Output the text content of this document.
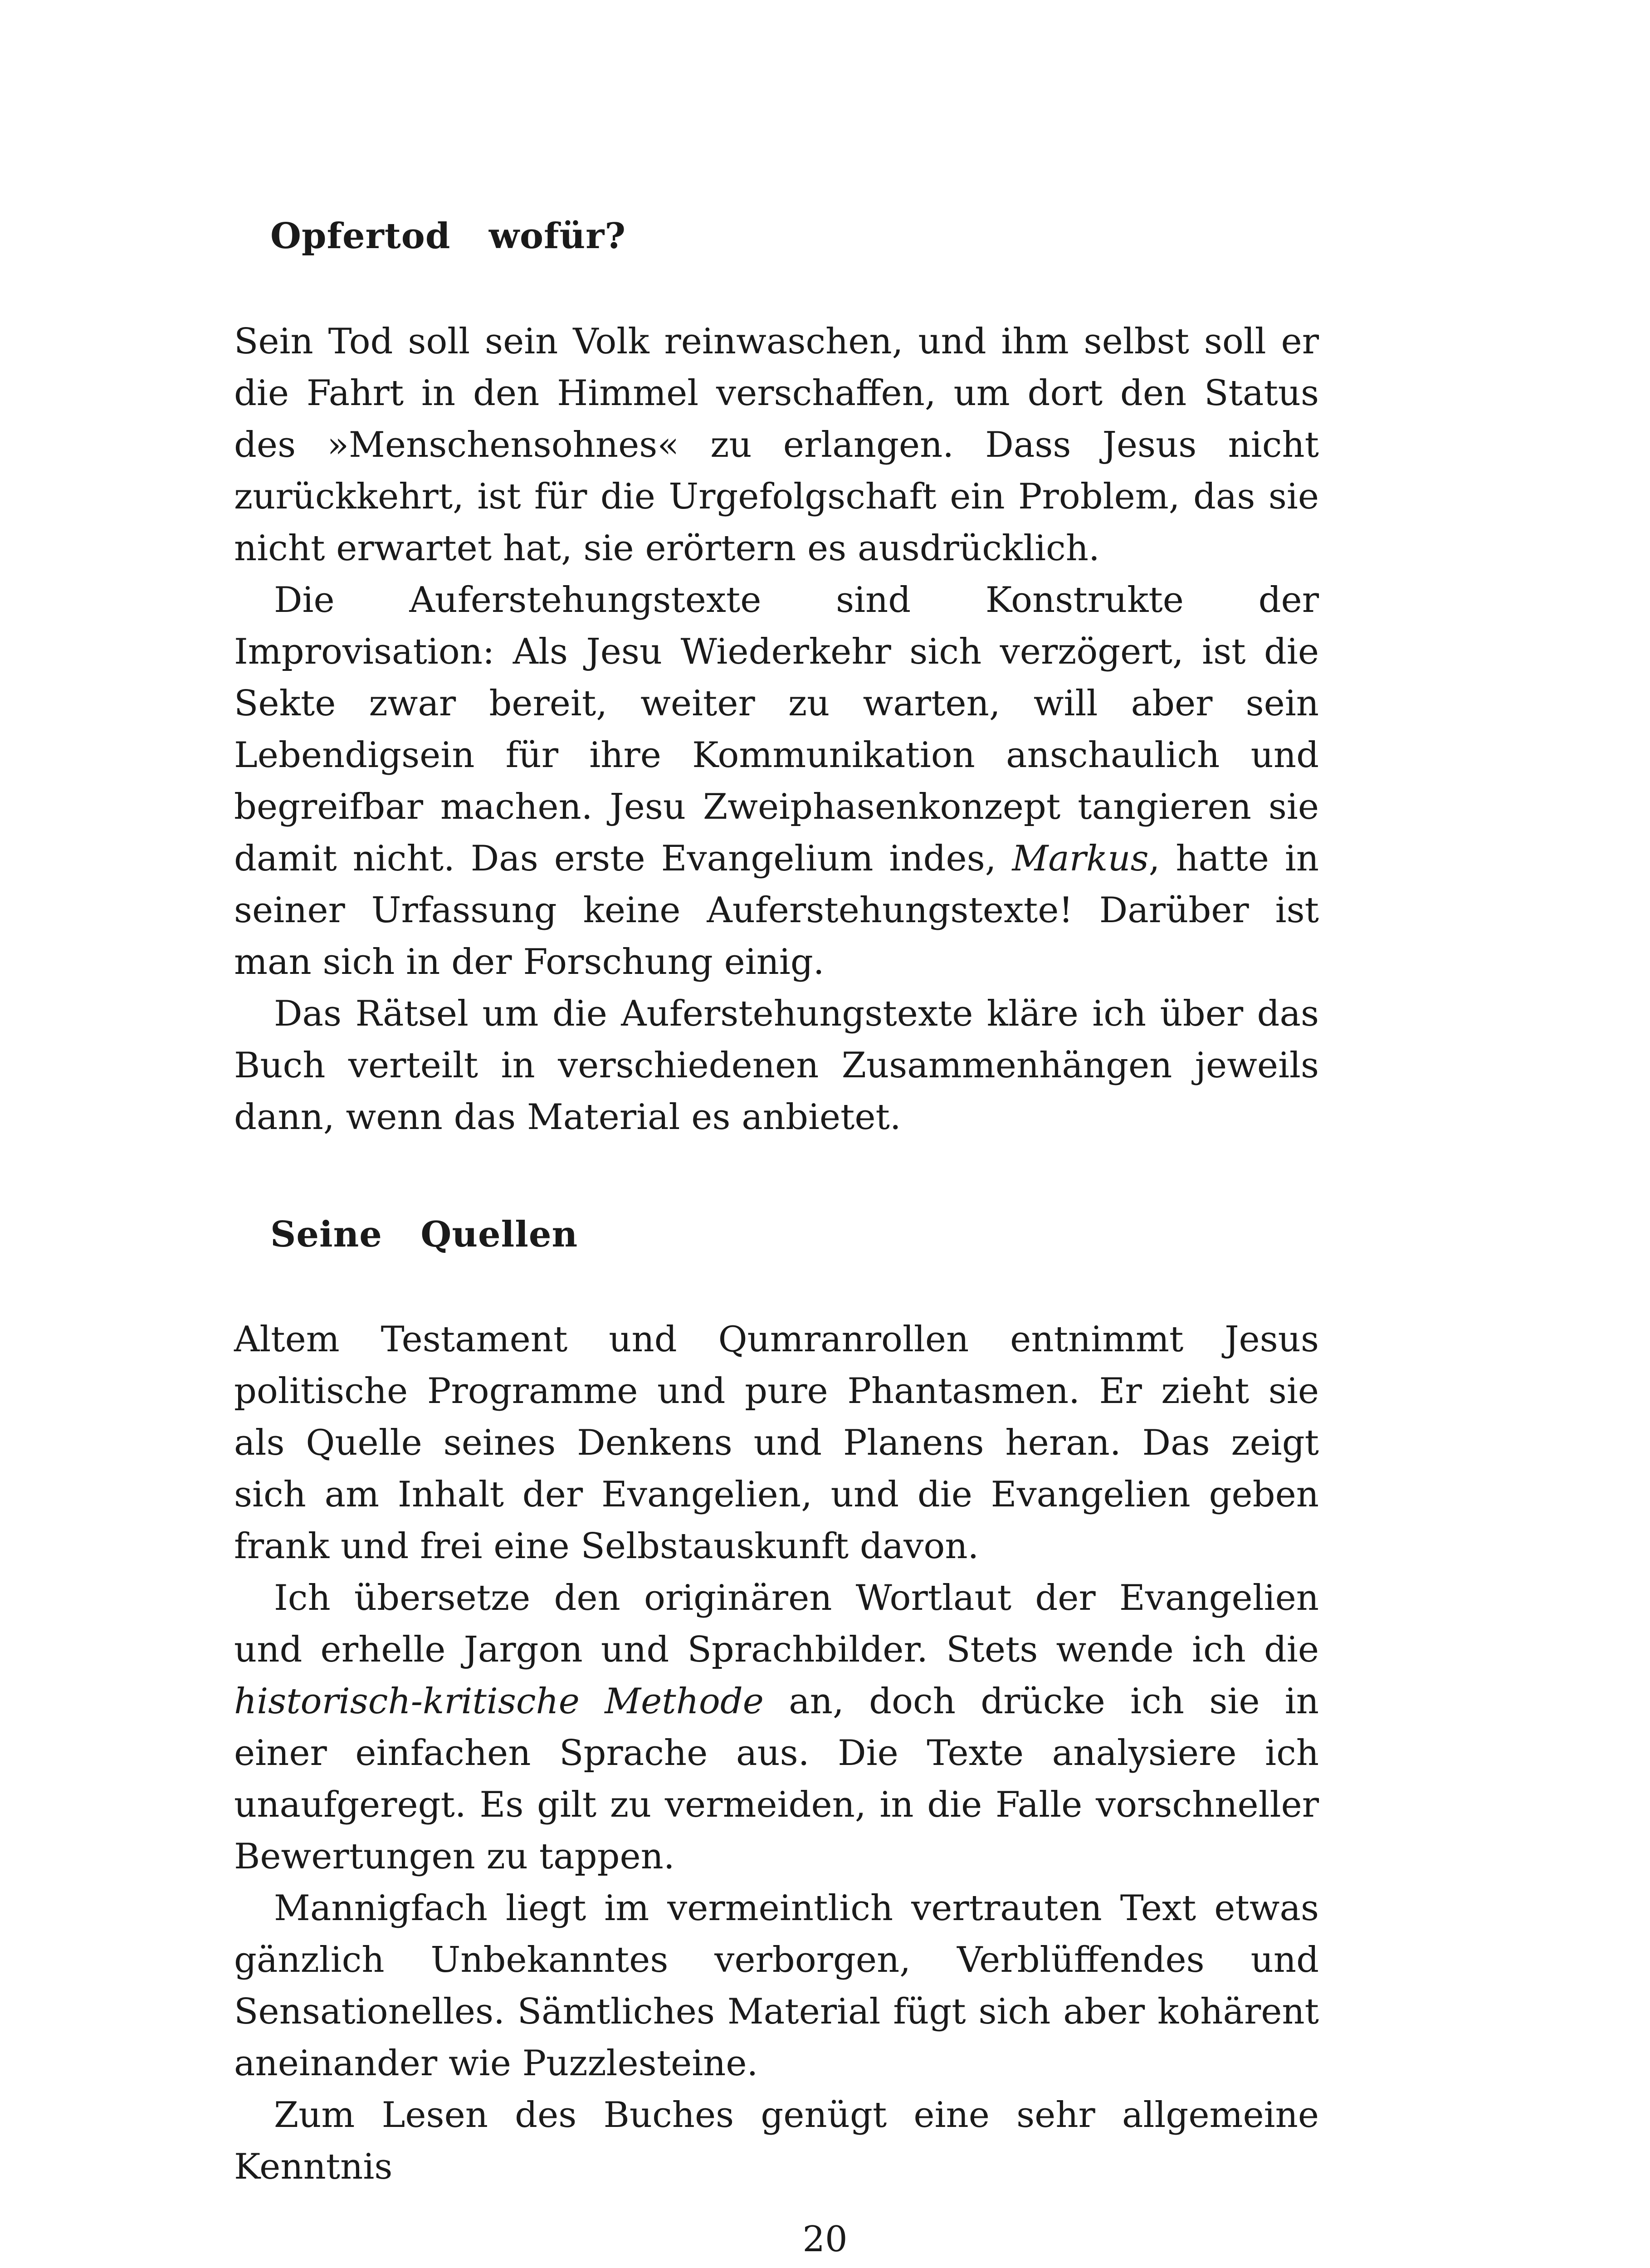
Opfertod   wofür?

Sein Tod soll sein Volk reinwaschen, und ihm selbst soll er die Fahrt in den Himmel verschaffen, um dort den Status des »Menschensohnes« zu erlangen. Dass Jesus nicht zurückkehrt, ist für die Urgefolgschaft ein Problem, das sie nicht erwartet hat, sie erörtern es ausdrücklich.

Die Auferstehungstexte sind Konstrukte der Improvisation: Als Jesu Wiederkehr sich verzögert, ist die Sekte zwar bereit, weiter zu warten, will aber sein Lebendigsein für ihre Kommunikation anschaulich und begreifbar machen. Jesu Zweiphasenkonzept tangieren sie damit nicht. Das erste Evangelium indes, Markus, hatte in seiner Urfassung keine Auferstehungstexte! Darüber ist man sich in der Forschung einig.

Das Rätsel um die Auferstehungstexte kläre ich über das Buch verteilt in verschiedenen Zusammenhängen jeweils dann, wenn das Material es anbietet.

Seine   Quellen

Altem Testament und Qumranrollen entnimmt Jesus politische Programme und pure Phantasmen. Er zieht sie als Quelle seines Denkens und Planens heran. Das zeigt sich am Inhalt der Evangelien, und die Evangelien geben frank und frei eine Selbstauskunft davon.

Ich übersetze den originären Wortlaut der Evangelien und erhelle Jargon und Sprachbilder. Stets wende ich die historisch-kritische Methode an, doch drücke ich sie in einer einfachen Sprache aus. Die Texte analysiere ich unaufgeregt. Es gilt zu vermeiden, in die Falle vorschneller Bewertungen zu tappen.

Mannigfach liegt im vermeintlich vertrauten Text etwas gänzlich Unbekanntes verborgen, Verblüffendes und Sensationelles. Sämtliches Material fügt sich aber kohärent aneinander wie Puzzlesteine.

Zum Lesen des Buches genügt eine sehr allgemeine Kenntnis

20
